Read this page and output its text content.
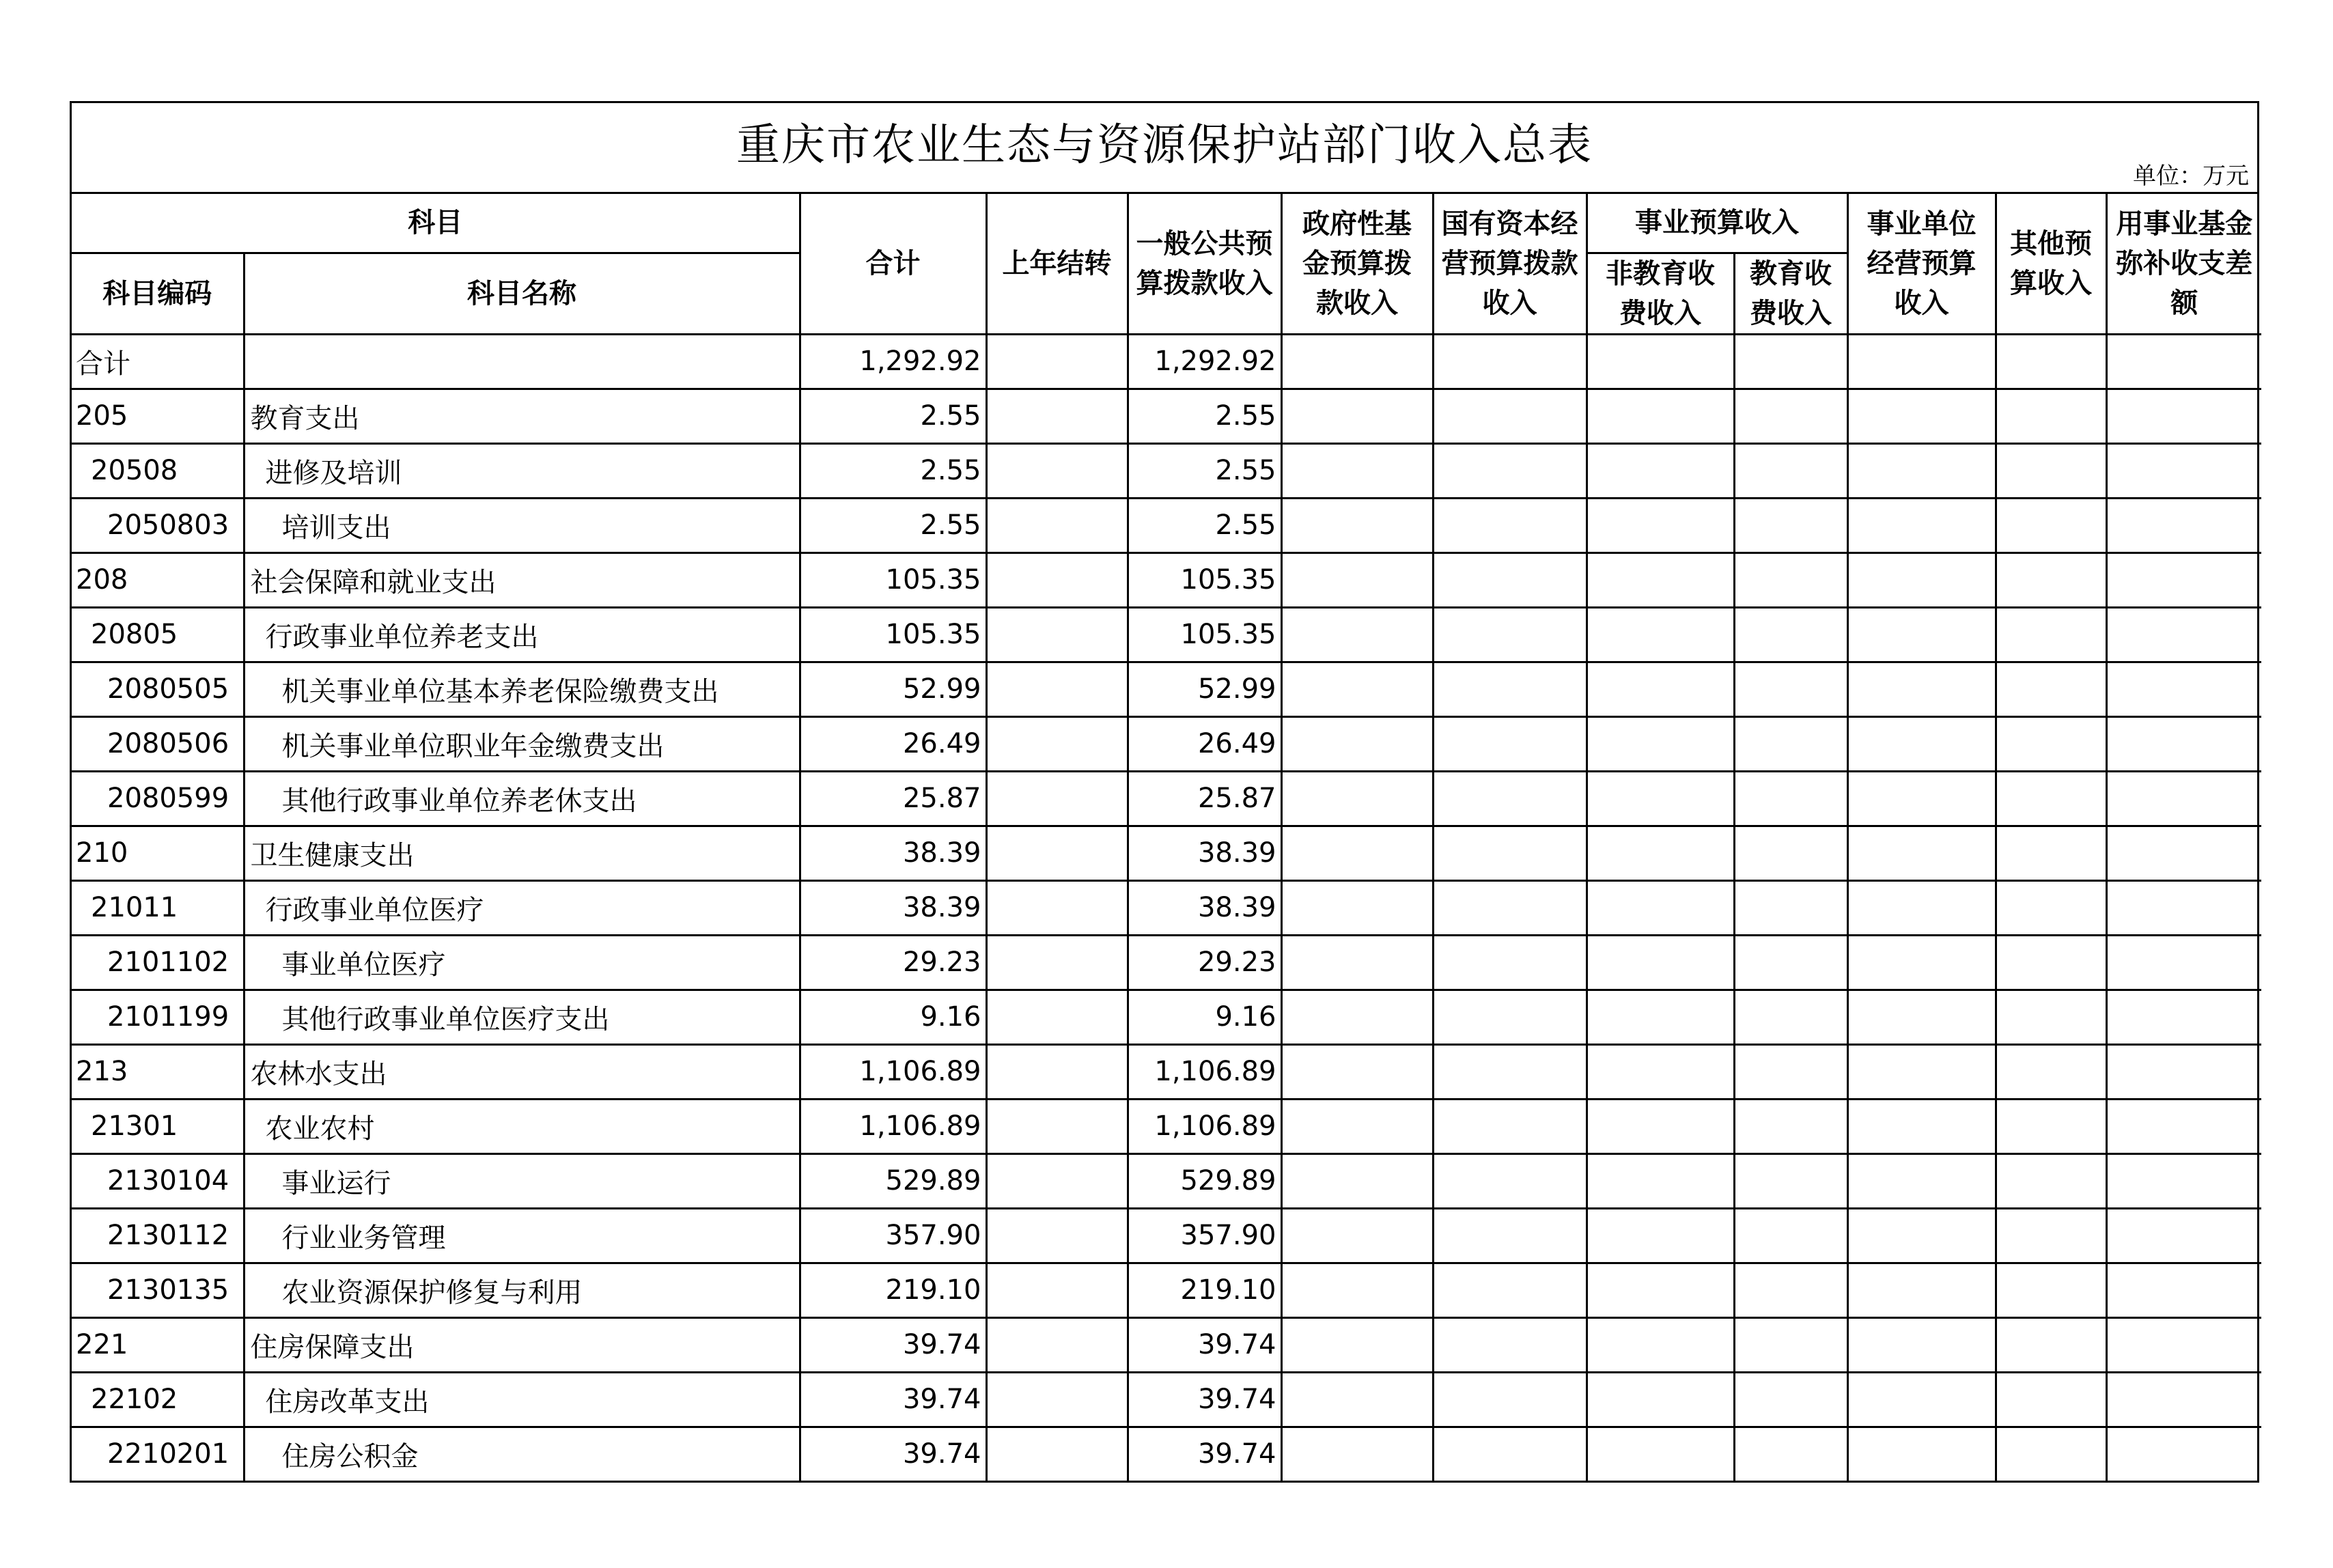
重庆市农业生态与资源保护站部门收入总表
单位：万元
科目		合计	上年结转	一般公共预算拨款收入	政府性基金预算拨款收入	国有资本经营预算拨款收入	事业预算收入		事业单位经营预算收入	其他预算收入	用事业基金弥补收支差额
科目编码	科目名称						非教育收费收入	教育收费收入			
合计		1,292.92		1,292.92							
205	教育支出	2.55		2.55							
20508	进修及培训	2.55		2.55							
2050803	培训支出	2.55		2.55							
208	社会保障和就业支出	105.35		105.35							
20805	行政事业单位养老支出	105.35		105.35							
2080505	机关事业单位基本养老保险缴费支出	52.99		52.99							
2080506	机关事业单位职业年金缴费支出	26.49		26.49							
2080599	其他行政事业单位养老休支出	25.87		25.87							
210	卫生健康支出	38.39		38.39							
21011	行政事业单位医疗	38.39		38.39							
2101102	事业单位医疗	29.23		29.23							
2101199	其他行政事业单位医疗支出	9.16		9.16							
213	农林水支出	1,106.89		1,106.89							
21301	农业农村	1,106.89		1,106.89							
2130104	事业运行	529.89		529.89							
2130112	行业业务管理	357.90		357.90							
2130135	农业资源保护修复与利用	219.10		219.10							
221	住房保障支出	39.74		39.74							
22102	住房改革支出	39.74		39.74							
2210201	住房公积金	39.74		39.74							
